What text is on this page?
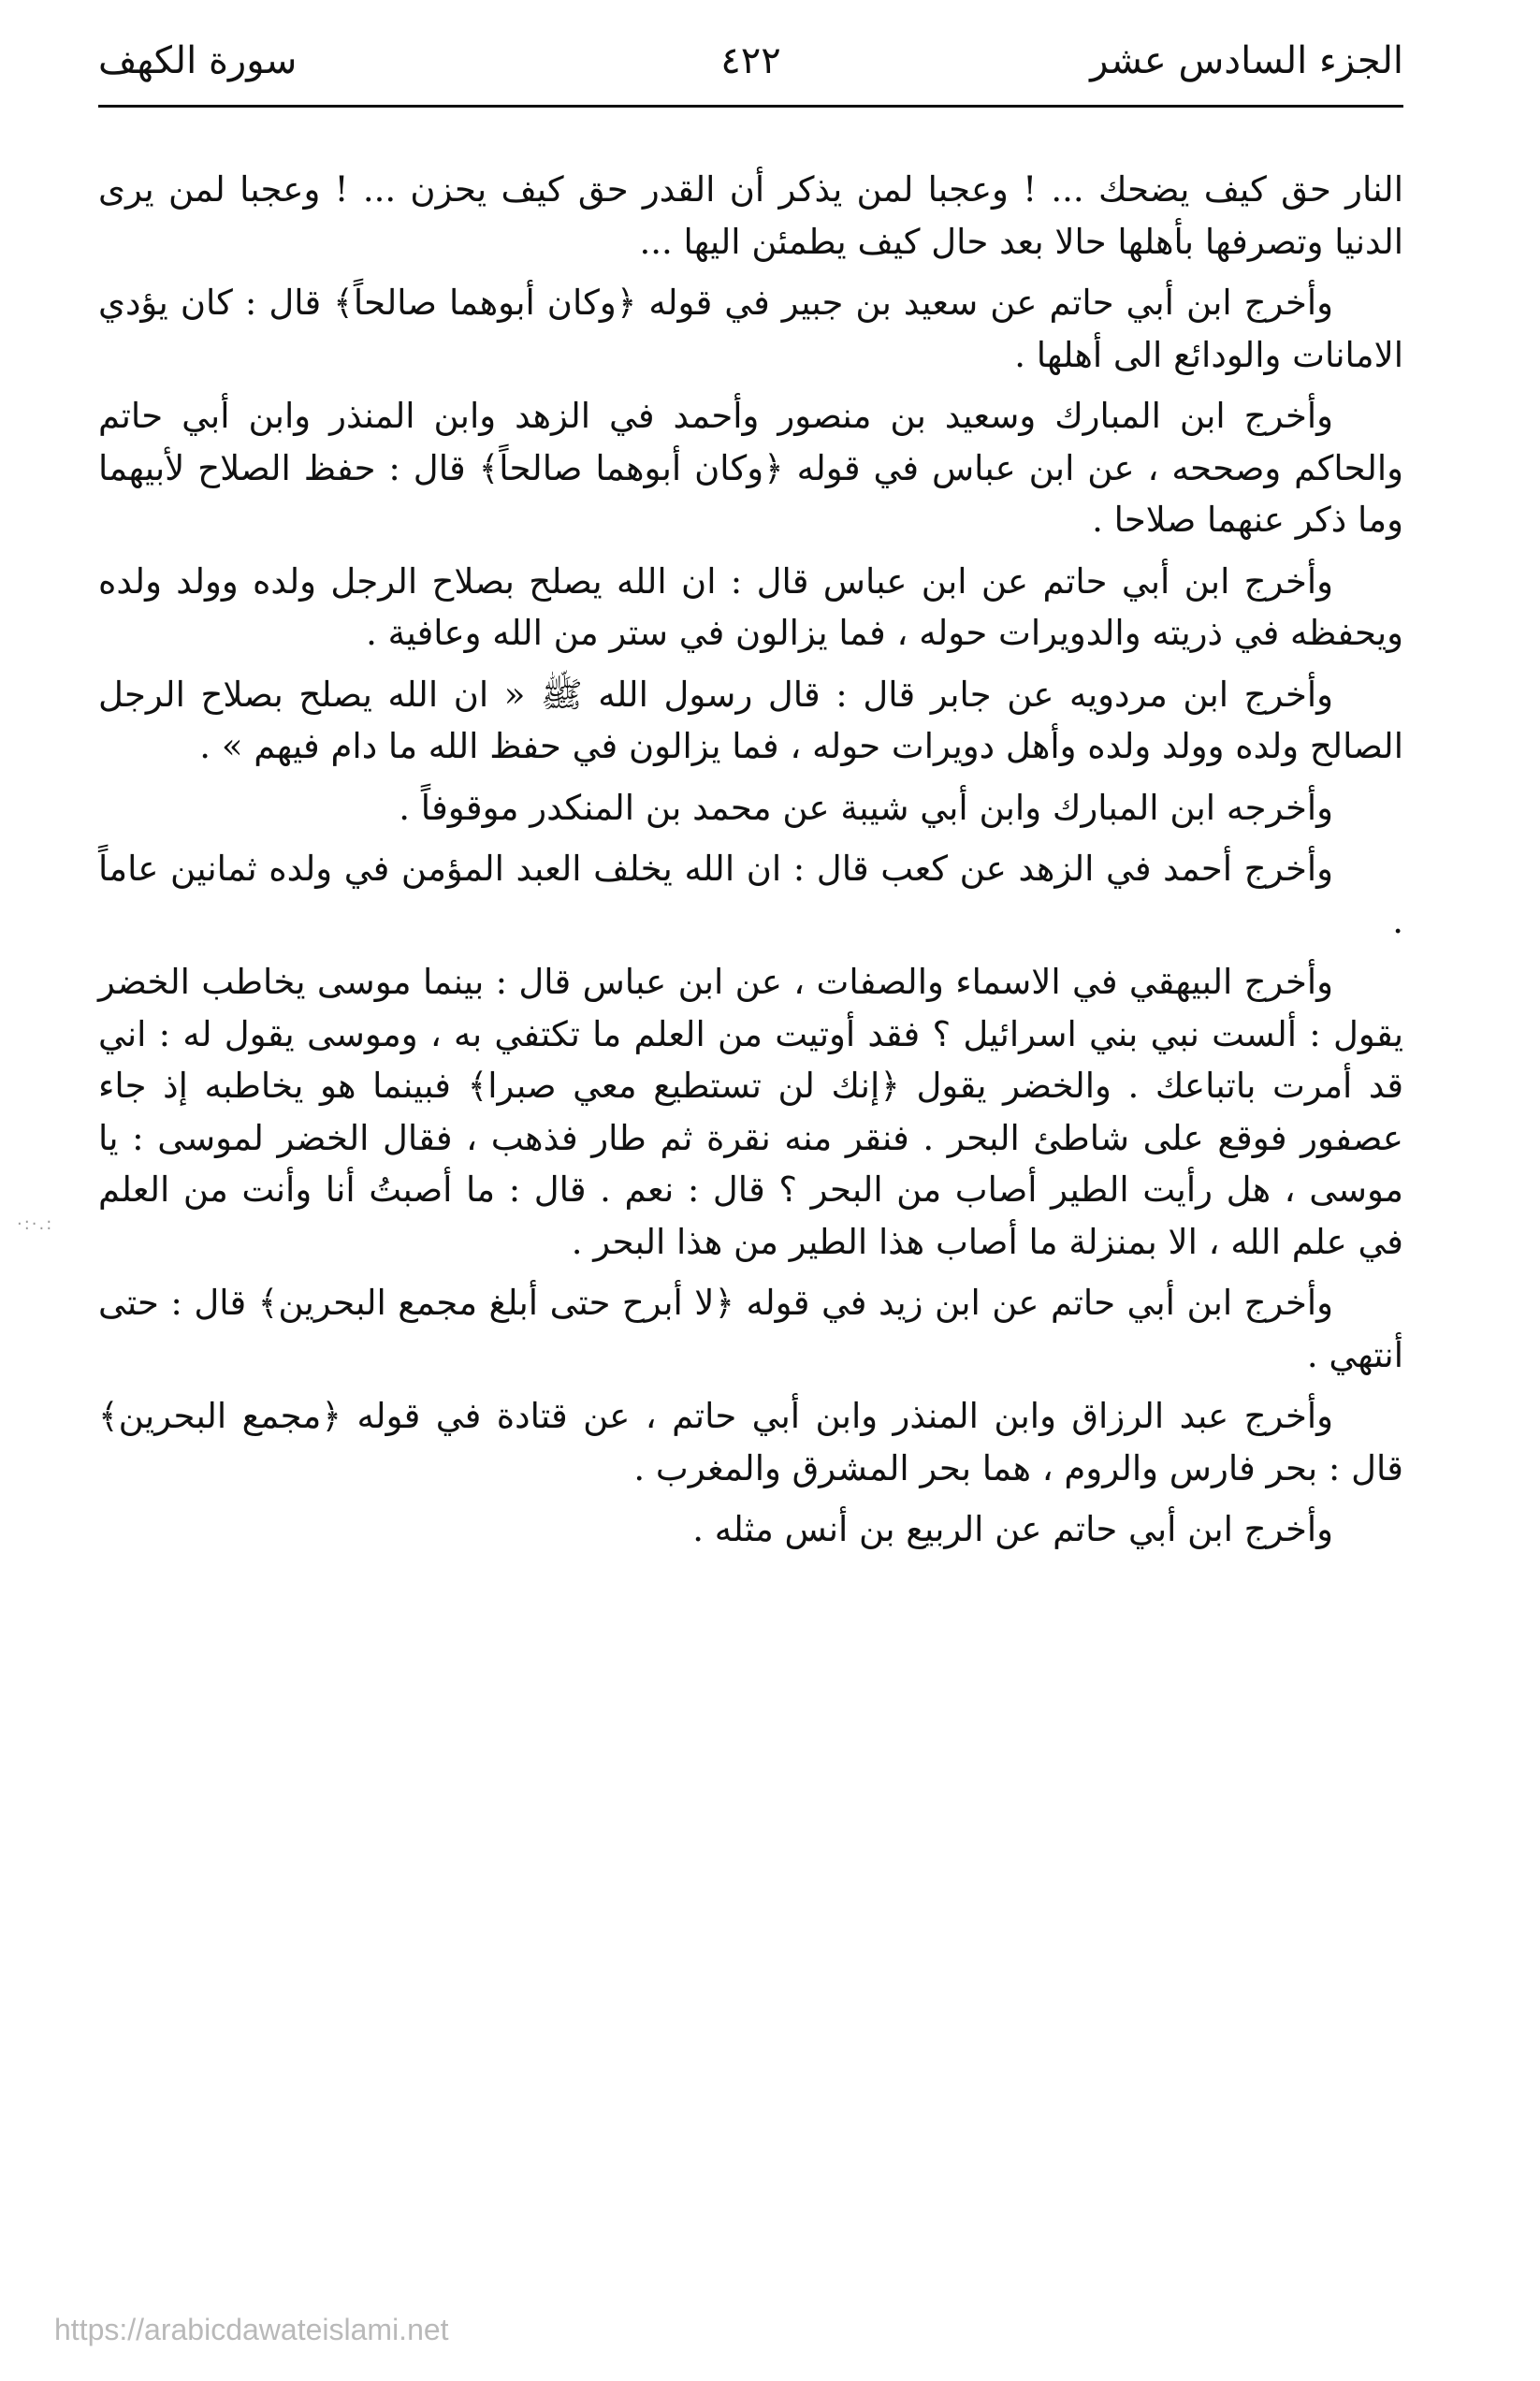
الجزء السادس عشر
٤٢٢
سورة الكهف

النار حق كيف يضحك ... ! وعجبا لمن يذكر أن القدر حق كيف يحزن ... ! وعجبا لمن يرى الدنيا وتصرفها بأهلها حالا بعد حال كيف يطمئن اليها ...

وأخرج ابن أبي حاتم عن سعيد بن جبير في قوله ﴿وكان أبوهما صالحاً﴾ قال : كان يؤدي الامانات والودائع الى أهلها .

وأخرج ابن المبارك وسعيد بن منصور وأحمد في الزهد وابن المنذر وابن أبي حاتم والحاكم وصححه ، عن ابن عباس في قوله ﴿وكان أبوهما صالحاً﴾ قال : حفظ الصلاح لأبيهما وما ذكر عنهما صلاحا .

وأخرج ابن أبي حاتم عن ابن عباس قال : ان الله يصلح بصلاح الرجل ولده وولد ولده ويحفظه في ذريته والدويرات حوله ، فما يزالون في ستر من الله وعافية .

وأخرج ابن مردويه عن جابر قال : قال رسول الله ﷺ « ان الله يصلح بصلاح الرجل الصالح ولده وولد ولده وأهل دويرات حوله ، فما يزالون في حفظ الله ما دام فيهم » .

وأخرجه ابن المبارك وابن أبي شيبة عن محمد بن المنكدر موقوفاً .

وأخرج أحمد في الزهد عن كعب قال : ان الله يخلف العبد المؤمن في ولده ثمانين عاماً .

وأخرج البيهقي في الاسماء والصفات ، عن ابن عباس قال : بينما موسى يخاطب الخضر يقول : ألست نبي بني اسرائيل ؟ فقد أوتيت من العلم ما تكتفي به ، وموسى يقول له : اني قد أمرت باتباعك . والخضر يقول ﴿إنك لن تستطيع معي صبرا﴾ فبينما هو يخاطبه إذ جاء عصفور فوقع على شاطئ البحر . فنقر منه نقرة ثم طار فذهب ، فقال الخضر لموسى : يا موسى ، هل رأيت الطير أصاب من البحر ؟ قال : نعم . قال : ما أصبتُ أنا وأنت من العلم في علم الله ، الا بمنزلة ما أصاب هذا الطير من هذا البحر .

وأخرج ابن أبي حاتم عن ابن زيد في قوله ﴿لا أبرح حتى أبلغ مجمع البحرين﴾ قال : حتى أنتهي .

وأخرج عبد الرزاق وابن المنذر وابن أبي حاتم ، عن قتادة في قوله ﴿مجمع البحرين﴾ قال : بحر فارس والروم ، هما بحر المشرق والمغرب .

وأخرج ابن أبي حاتم عن الربيع بن أنس مثله .

·:·.:
https://arabicdawateislami.net
